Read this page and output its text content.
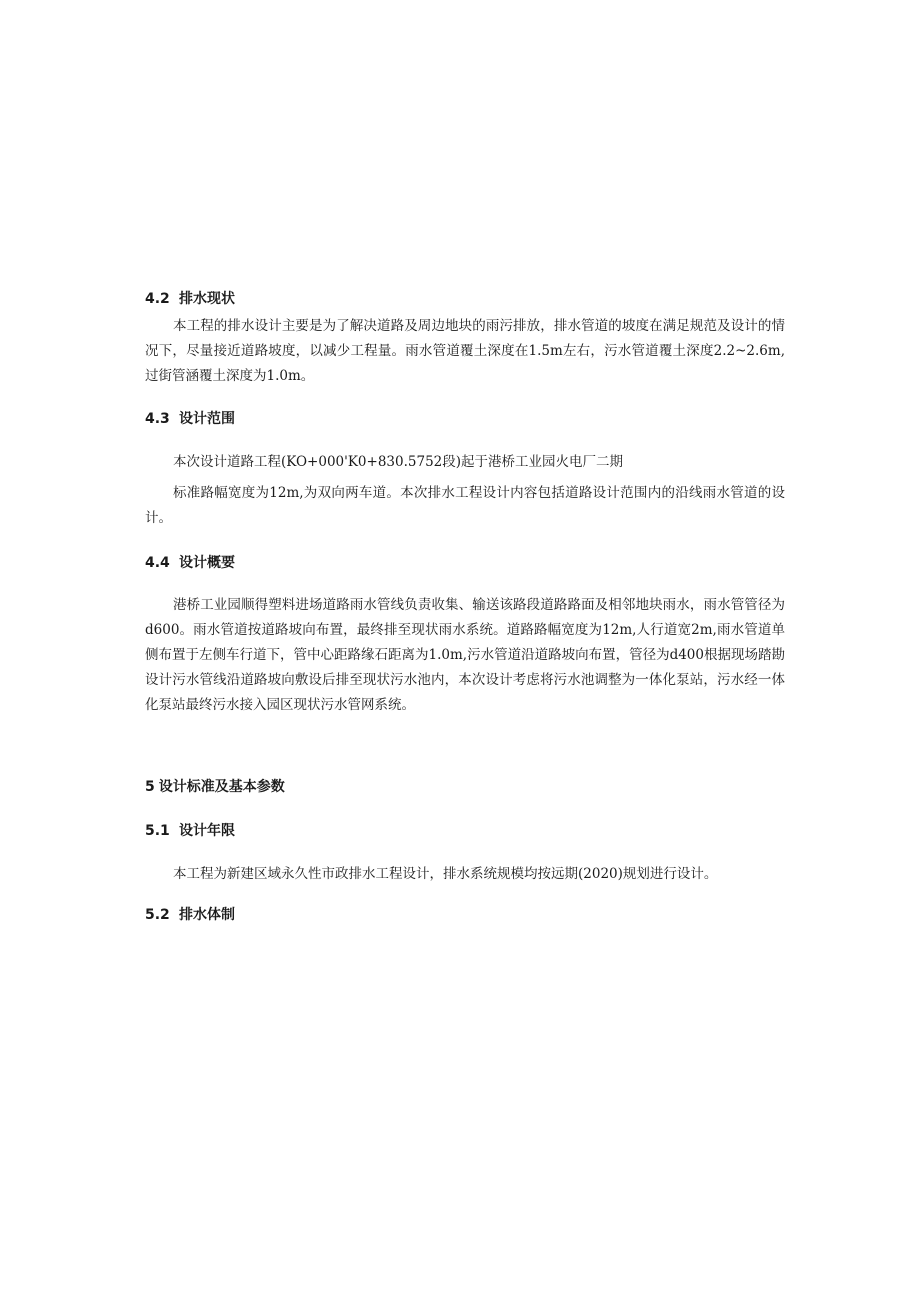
4.2 排水现状

本工程的排水设计主要是为了解决道路及周边地块的雨污排放，排水管道的坡度在满足规范及设计的情况下，尽量接近道路坡度，以减少工程量。雨水管道覆土深度在1.5m左右，污水管道覆土深度2.2~2.6m,过街管涵覆土深度为1.0m。

4.3 设计范围

本次设计道路工程(KO+000'K0+830.5752段)起于港桥工业园火电厂二期

标准路幅宽度为12m,为双向两车道。本次排水工程设计内容包括道路设计范围内的沿线雨水管道的设计。

4.4 设计概要

港桥工业园顺得塑料进场道路雨水管线负责收集、输送该路段道路路面及相邻地块雨水，雨水管管径为d600。雨水管道按道路坡向布置，最终排至现状雨水系统。道路路幅宽度为12m,人行道宽2m,雨水管道单侧布置于左侧车行道下，管中心距路缘石距离为1.0m,污水管道沿道路坡向布置，管径为d400根据现场踏勘设计污水管线沿道路坡向敷设后排至现状污水池内，本次设计考虑将污水池调整为一体化泵站，污水经一体化泵站最终污水接入园区现状污水管网系统。

5 设计标准及基本参数
5.1 设计年限

本工程为新建区域永久性市政排水工程设计，排水系统规模均按远期(2020)规划进行设计。

5.2 排水体制
